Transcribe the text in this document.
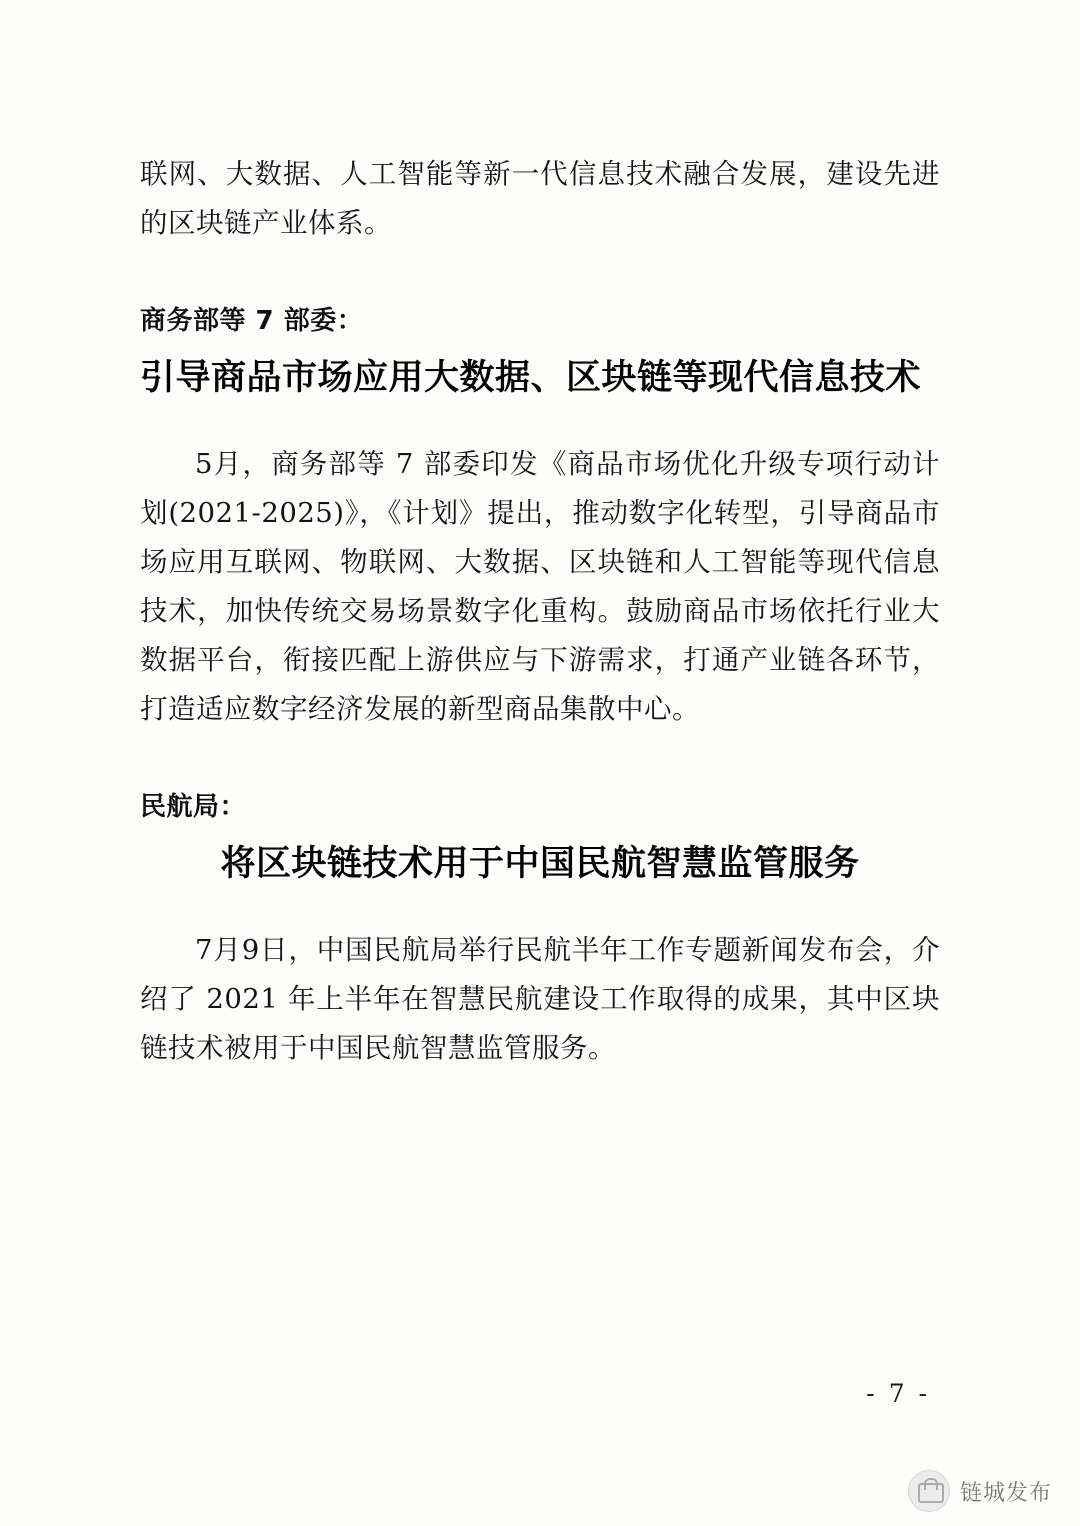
联网、大数据、人工智能等新一代信息技术融合发展，建设先进的区块链产业体系。
商务部等 7 部委：
引导商品市场应用大数据、区块链等现代信息技术
5月，商务部等 7 部委印发《商品市场优化升级专项行动计划(2021-2025)》，《计划》提出，推动数字化转型，引导商品市场应用互联网、物联网、大数据、区块链和人工智能等现代信息技术，加快传统交易场景数字化重构。鼓励商品市场依托行业大数据平台，衔接匹配上游供应与下游需求，打通产业链各环节，打造适应数字经济发展的新型商品集散中心。
民航局：
将区块链技术用于中国民航智慧监管服务
7月9日，中国民航局举行民航半年工作专题新闻发布会，介绍了 2021 年上半年在智慧民航建设工作取得的成果，其中区块链技术被用于中国民航智慧监管服务。
- 7 -
链城发布
